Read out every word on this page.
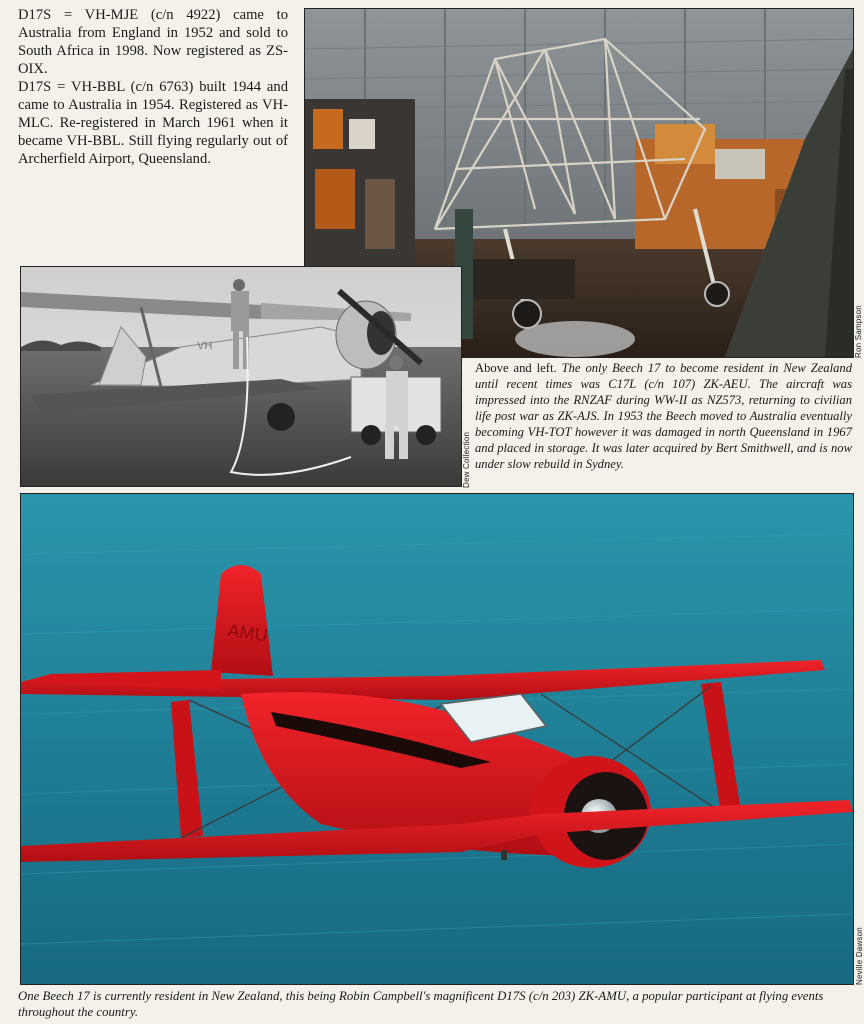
D17S = VH-MJE (c/n 4922) came to Australia from England in 1952 and sold to South Africa in 1998. Now registered as ZS-OIX.

D17S = VH-BBL (c/n 6763) built 1944 and came to Australia in 1954. Registered as VH-MLC. Re-registered in March 1961 when it became VH-BBL. Still flying regularly out of Archerfield Airport, Queensland.

Ron Sampson
VH
Dew Collection
Above and left. The only Beech 17 to become resident in New Zealand until recent times was C17L (c/n 107) ZK-AEU. The aircraft was impressed into the RNZAF during WW-II as NZ573, returning to civilian life post war as ZK-AJS. In 1953 the Beech moved to Australia eventually becoming VH-TOT however it was damaged in north Queensland in 1967 and placed in storage. It was later acquired by Bert Smithwell, and is now under slow rebuild in Sydney.
AMU
Neville Dawson
One Beech 17 is currently resident in New Zealand, this being Robin Campbell's magnificent D17S (c/n 203) ZK-AMU, a popular participant at flying events throughout the country.
